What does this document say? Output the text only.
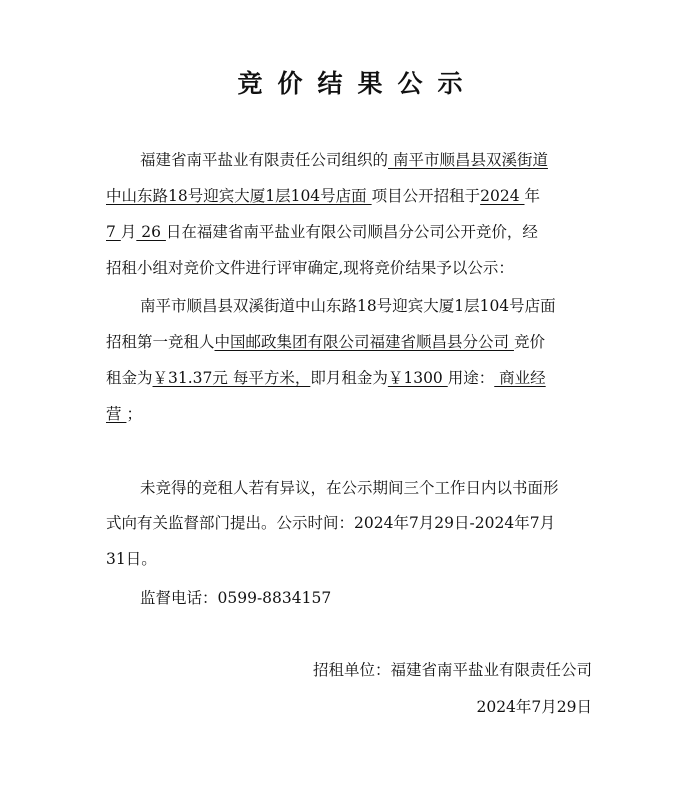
竞价结果公示
福建省南平盐业有限责任公司组织的 南平市顺昌县双溪街道
中山东路18号迎宾大厦1层104号店面 项目公开招租于2024 年
7 月 26 日在福建省南平盐业有限公司顺昌分公司公开竞价，经
招租小组对竞价文件进行评审确定,现将竞价结果予以公示：
南平市顺昌县双溪街道中山东路18号迎宾大厦1层104号店面
招租第一竞租人中国邮政集团有限公司福建省顺昌县分公司 竞价
租金为￥31.37元 每平方米，即月租金为￥1300 用途： 商业经
营 ；
未竞得的竞租人若有异议，在公示期间三个工作日内以书面形
式向有关监督部门提出。公示时间：2024年7月29日-2024年7月
31日。
监督电话：0599-8834157
招租单位：福建省南平盐业有限责任公司
2024年7月29日
